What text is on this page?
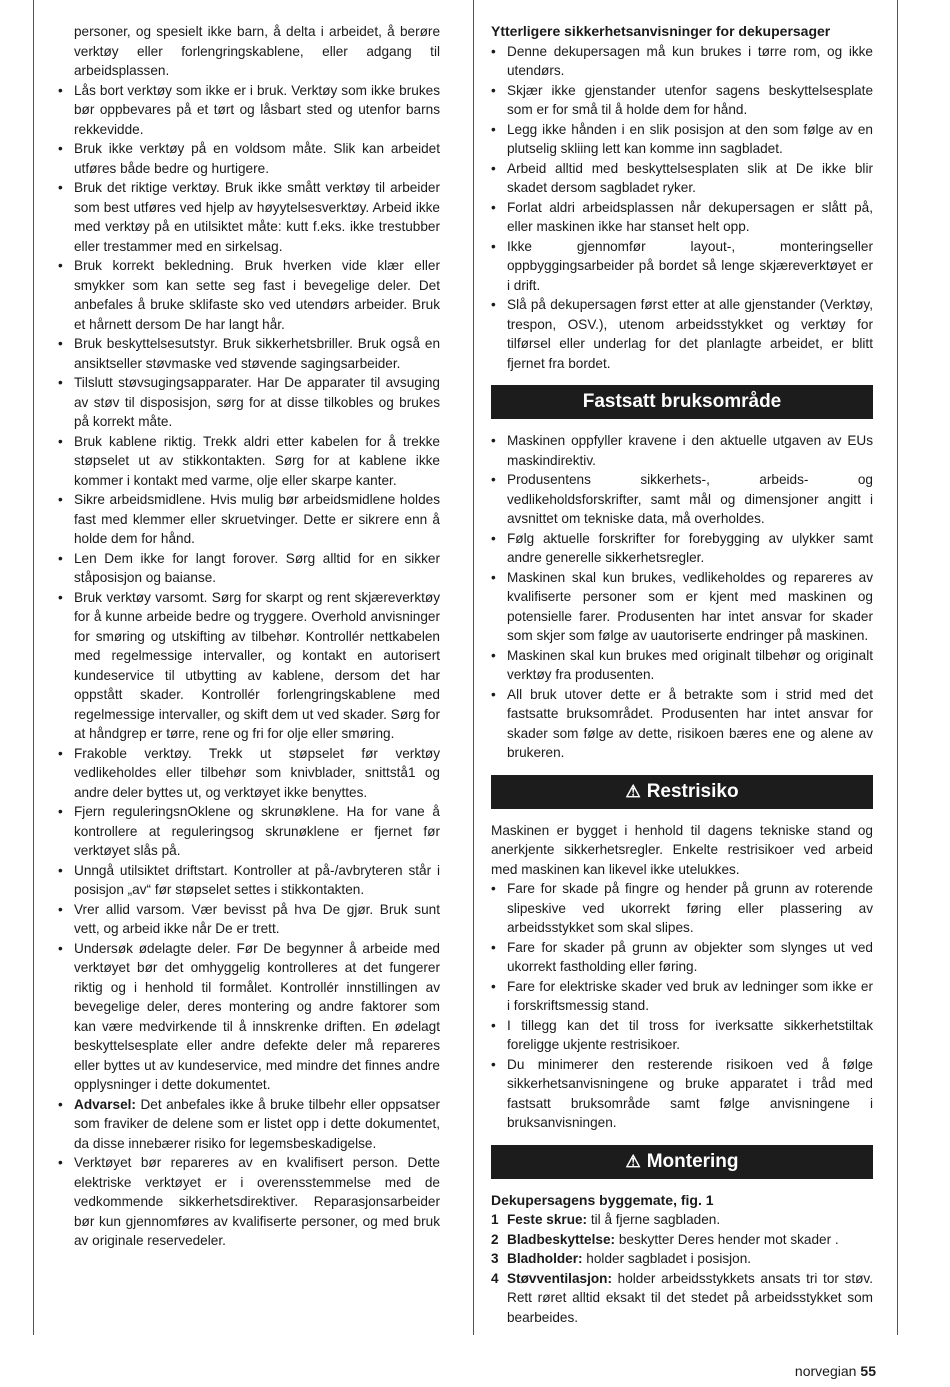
personer, og spesielt ikke barn, å delta i arbeidet, å berøre verktøy eller forlengringskablene, eller adgang til arbeidsplassen.

• Lås bort verktøy som ikke er i bruk. Verktøy som ikke brukes bør oppbevares på et tørt og låsbart sted og utenfor barns rekkevidde.
• Bruk ikke verktøy på en voldsom måte. Slik kan arbeidet utføres både bedre og hurtigere.
• Bruk det riktige verktøy. Bruk ikke smått verktøy til arbeider som best utføres ved hjelp av høyytelsesverktøy. Arbeid ikke med verktøy på en utilsiktet måte: kutt f.eks. ikke trestubber eller trestammer med en sirkelsag.
• Bruk korrekt bekledning. Bruk hverken vide klær eller smykker som kan sette seg fast i bevegelige deler. Det anbefales å bruke sklifaste sko ved utendørs arbeider. Bruk et hårnett dersom De har langt hår.
• Bruk beskyttelsesutstyr. Bruk sikkerhetsbriller. Bruk også en ansiktseller støvmaske ved støvende sagingsarbeider.
• Tilslutt støvsugingsapparater. Har De apparater til avsuging av støv til disposisjon, sørg for at disse tilkobles og brukes på korrekt måte.
• Bruk kablene riktig. Trekk aldri etter kabelen for å trekke støpselet ut av stikkontakten. Sørg for at kablene ikke kommer i kontakt med varme, olje eller skarpe kanter.
• Sikre arbeidsmidlene. Hvis mulig bør arbeidsmidlene holdes fast med klemmer eller skruetvinger. Dette er sikrere enn å holde dem for hånd.
• Len Dem ikke for langt forover. Sørg alltid for en sikker ståposisjon og baianse.
• Bruk verktøy varsomt. Sørg for skarpt og rent skjæreverktøy for å kunne arbeide bedre og tryggere. Overhold anvisninger for smøring og utskifting av tilbehør. Kontrollér nettkabelen med regelmessige intervaller, og kontakt en autorisert kundeservice til utbytting av kablene, dersom det har oppstått skader. Kontrollér forlengringskablene med regelmessige intervaller, og skift dem ut ved skader. Sørg for at håndgrep er tørre, rene og fri for olje eller smøring.
• Frakoble verktøy. Trekk ut støpselet før verktøy vedlikeholdes eller tilbehør som knivblader, snittstå1 og andre deler byttes ut, og verktøyet ikke benyttes.
• Fjern reguleringsnOklene og skrunøklene. Ha for vane å kontrollere at reguleringsog skrunøklene er fjernet før verktøyet slås på.
• Unngå utilsiktet driftstart. Kontroller at på-/avbryteren står i posisjon „av“ før støpselet settes i stikkontakten.
• Vrer allid varsom. Vær bevisst på hva De gjør. Bruk sunt vett, og arbeid ikke når De er trett.
• Undersøk ødelagte deler. Før De begynner å arbeide med verktøyet bør det omhyggelig kontrolleres at det fungerer riktig og i henhold til formålet. Kontrollér innstillingen av bevegelige deler, deres montering og andre faktorer som kan være medvirkende til å innskrenke driften. En ødelagt beskyttelsesplate eller andre defekte deler må repareres eller byttes ut av kundeservice, med mindre det finnes andre opplysninger i dette dokumentet.
• Advarsel: Det anbefales ikke å bruke tilbehr eller oppsatser som fraviker de delene som er listet opp i dette dokumentet, da disse innebærer risiko for legemsbeskadigelse.
• Verktøyet bør repareres av en kvalifisert person. Dette elektriske verktøyet er i overensstemmelse med de vedkommende sikkerhetsdirektiver. Reparasjonsarbeider bør kun gjennomføres av kvalifiserte personer, og med bruk av originale reservedeler.

Ytterligere sikkerhetsanvisninger for dekupersager

• Denne dekupersagen må kun brukes i tørre rom, og ikke utendørs.
• Skjær ikke gjenstander utenfor sagens beskyttelsesplate som er for små til å holde dem for hånd.
• Legg ikke hånden i en slik posisjon at den som følge av en plutselig skliing lett kan komme inn sagbladet.
• Arbeid alltid med beskyttelsesplaten slik at De ikke blir skadet dersom sagbladet ryker.
• Forlat aldri arbeidsplassen når dekupersagen er slått på, eller maskinen ikke har stanset helt opp.
• Ikke gjennomfør layout-, monteringseller oppbyggingsarbeider på bordet så lenge skjæreverktøyet er i drift.
• Slå på dekupersagen først etter at alle gjenstander (Verktøy, trespon, OSV.), utenom arbeidsstykket og verktøy for tilførsel eller underlag for det planlagte arbeidet, er blitt fjernet fra bordet.
Fastsatt bruksområde
• Maskinen oppfyller kravene i den aktuelle utgaven av EUs maskindirektiv.
• Produsentens sikkerhets-, arbeids- og vedlikeholdsforskrifter, samt mål og dimensjoner angitt i avsnittet om tekniske data, må overholdes.
• Følg aktuelle forskrifter for forebygging av ulykker samt andre generelle sikkerhetsregler.
• Maskinen skal kun brukes, vedlikeholdes og repareres av kvalifiserte personer som er kjent med maskinen og potensielle farer. Produsenten har intet ansvar for skader som skjer som følge av uautoriserte endringer på maskinen.
• Maskinen skal kun brukes med originalt tilbehør og originalt verktøy fra produsenten.
• All bruk utover dette er å betrakte som i strid med det fastsatte bruksområdet. Produsenten har intet ansvar for skader som følge av dette, risikoen bæres ene og alene av brukeren.
⚠ Restrisiko

Maskinen er bygget i henhold til dagens tekniske stand og anerkjente sikkerhetsregler. Enkelte restrisikoer ved arbeid med maskinen kan likevel ikke utelukkes.

• Fare for skade på fingre og hender på grunn av roterende slipeskive ved ukorrekt føring eller plassering av arbeidsstykket som skal slipes.
• Fare for skader på grunn av objekter som slynges ut ved ukorrekt fastholding eller føring.
• Fare for elektriske skader ved bruk av ledninger som ikke er i forskriftsmessig stand.
• I tillegg kan det til tross for iverksatte sikkerhetstiltak foreligge ukjente restrisikoer.
• Du minimerer den resterende risikoen ved å følge sikkerhetsanvisningene og bruke apparatet i tråd med fastsatt bruksområde samt følge anvisningene i bruksanvisningen.
⚠ Montering

Dekupersagens byggemate, fig. 1

1 Feste skrue: til å fjerne sagbladen.
2 Bladbeskyttelse: beskytter Deres hender mot skader .
3 Bladholder: holder sagbladet i posisjon.
4 Støvventilasjon: holder arbeidsstykkets ansats tri tor støv. Rett røret alltid eksakt til det stedet på arbeidsstykket som bearbeides.
norvegian 55
